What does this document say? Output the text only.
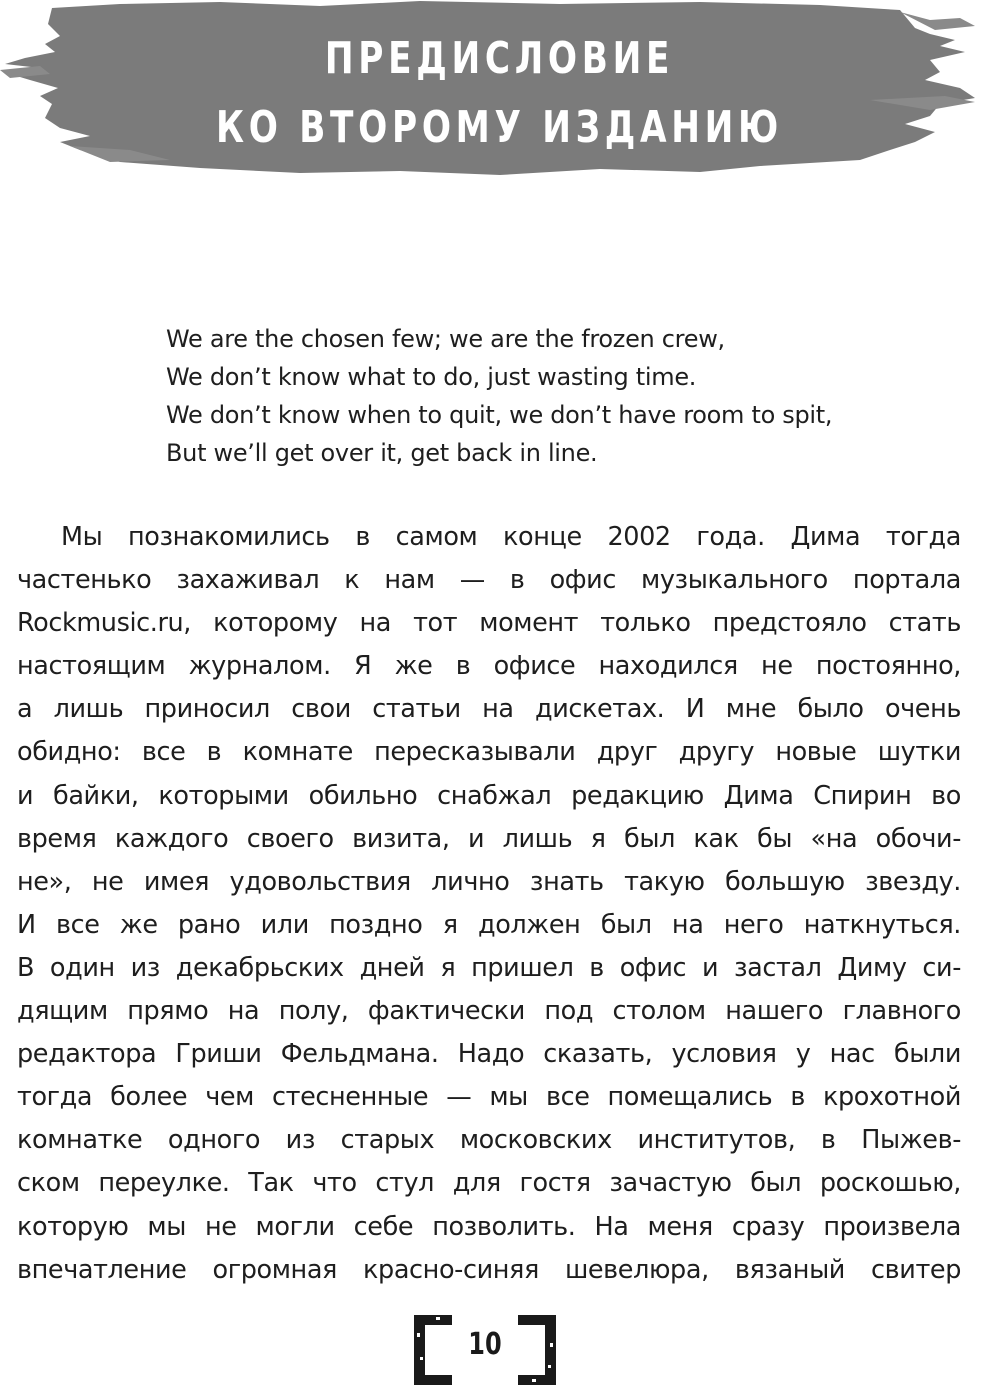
ПРЕДИСЛОВИЕ
КО ВТОРОМУ ИЗДАНИЮ
We are the chosen few; we are the frozen crew,
We don’t know what to do, just wasting time.
We don’t know when to quit, we don’t have room to spit,
But we’ll get over it, get back in line.
Мы познакомились в самом конце 2002 года. Дима тогда
частенько захаживал к нам — в офис музыкального портала
Rockmusic.ru, которому на тот момент только предстояло стать
настоящим журналом. Я же в офисе находился не постоянно,
а лишь приносил свои статьи на дискетах. И мне было очень
обидно: все в комнате пересказывали друг другу новые шутки
и байки, которыми обильно снабжал редакцию Дима Спирин во
время каждого своего визита, и лишь я был как бы «на обочи-
не», не имея удовольствия лично знать такую большую звезду.
И все же рано или поздно я должен был на него наткнуться.
В один из декабрьских дней я пришел в офис и застал Диму си-
дящим прямо на полу, фактически под столом нашего главного
редактора Гриши Фельдмана. Надо сказать, условия у нас были
тогда более чем стесненные — мы все помещались в крохотной
комнатке одного из старых московских институтов, в Пыжев-
ском переулке. Так что стул для гостя зачастую был роскошью,
которую мы не могли себе позволить. На меня сразу произвела
впечатление огромная красно-синяя шевелюра, вязаный свитер
10
